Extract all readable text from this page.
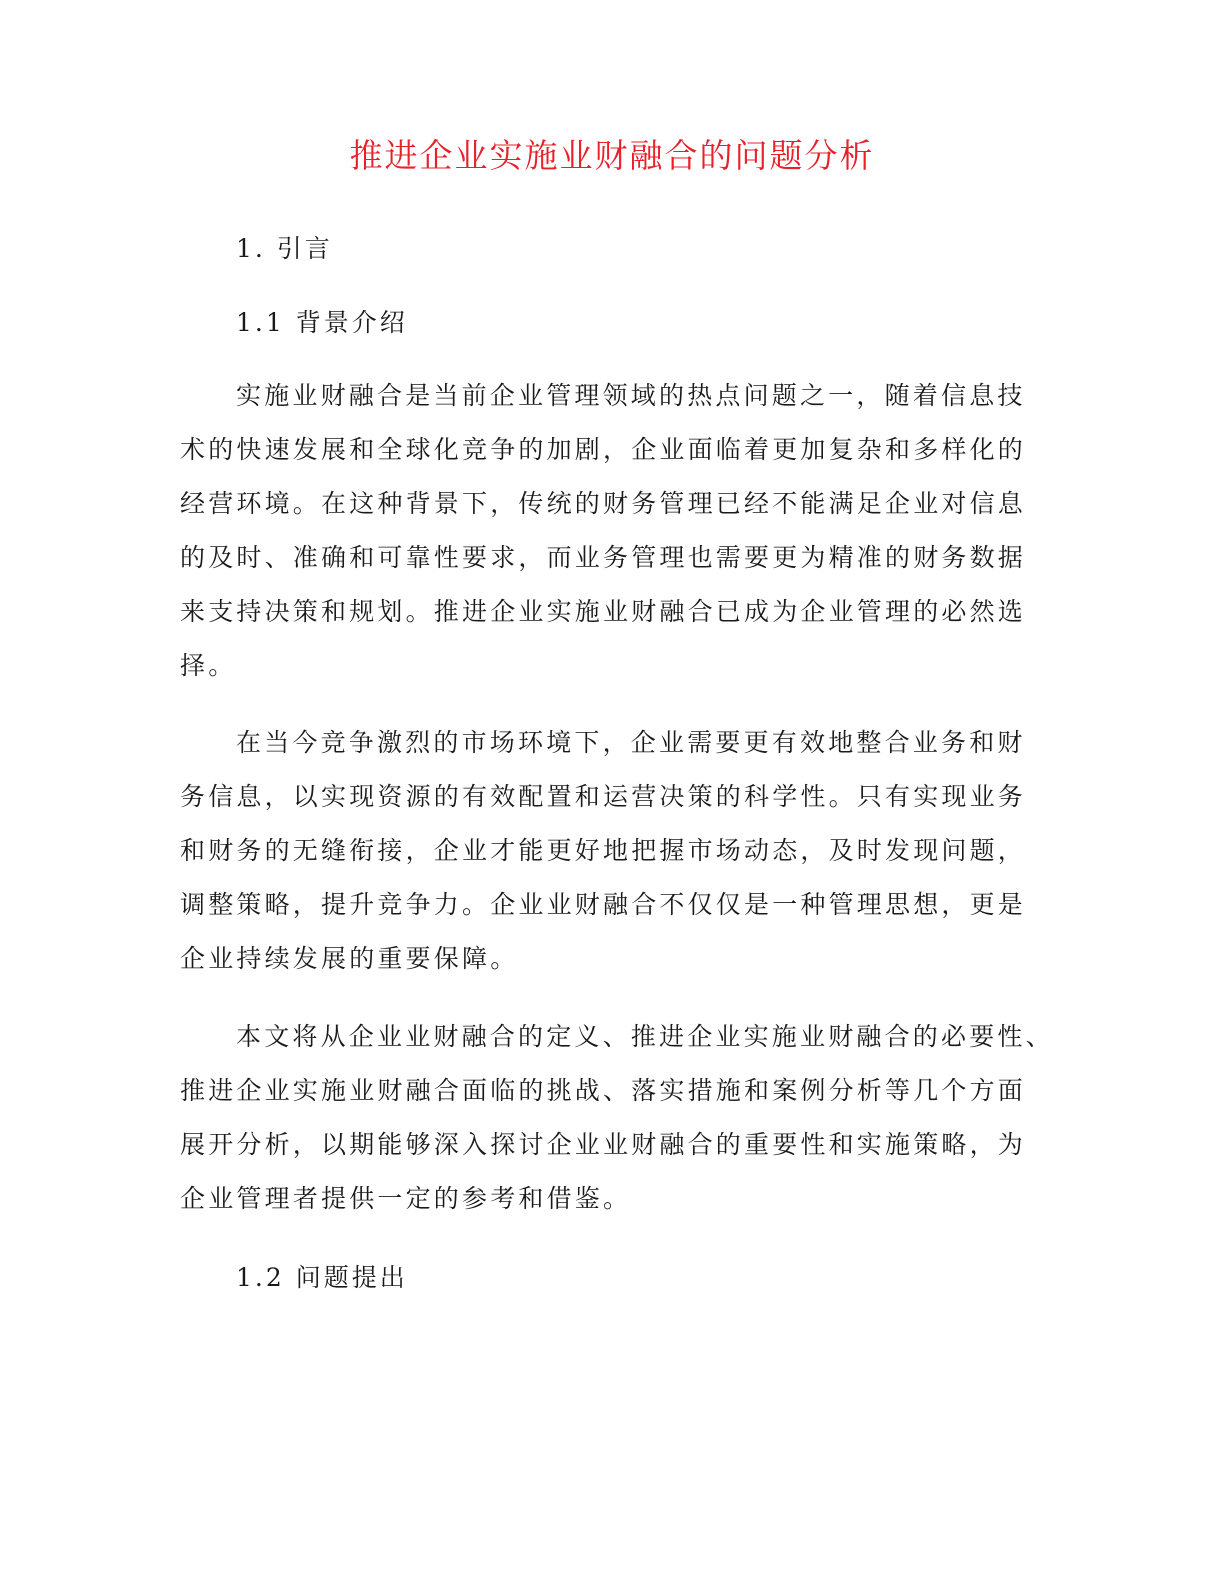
推进企业实施业财融合的问题分析
1. 引言
1.1 背景介绍
实施业财融合是当前企业管理领域的热点问题之一，随着信息技
术的快速发展和全球化竞争的加剧，企业面临着更加复杂和多样化的
经营环境。在这种背景下，传统的财务管理已经不能满足企业对信息
的及时、准确和可靠性要求，而业务管理也需要更为精准的财务数据
来支持决策和规划。推进企业实施业财融合已成为企业管理的必然选
择。
在当今竞争激烈的市场环境下，企业需要更有效地整合业务和财
务信息，以实现资源的有效配置和运营决策的科学性。只有实现业务
和财务的无缝衔接，企业才能更好地把握市场动态，及时发现问题，
调整策略，提升竞争力。企业业财融合不仅仅是一种管理思想，更是
企业持续发展的重要保障。
本文将从企业业财融合的定义、推进企业实施业财融合的必要性、
推进企业实施业财融合面临的挑战、落实措施和案例分析等几个方面
展开分析，以期能够深入探讨企业业财融合的重要性和实施策略，为
企业管理者提供一定的参考和借鉴。
1.2 问题提出
